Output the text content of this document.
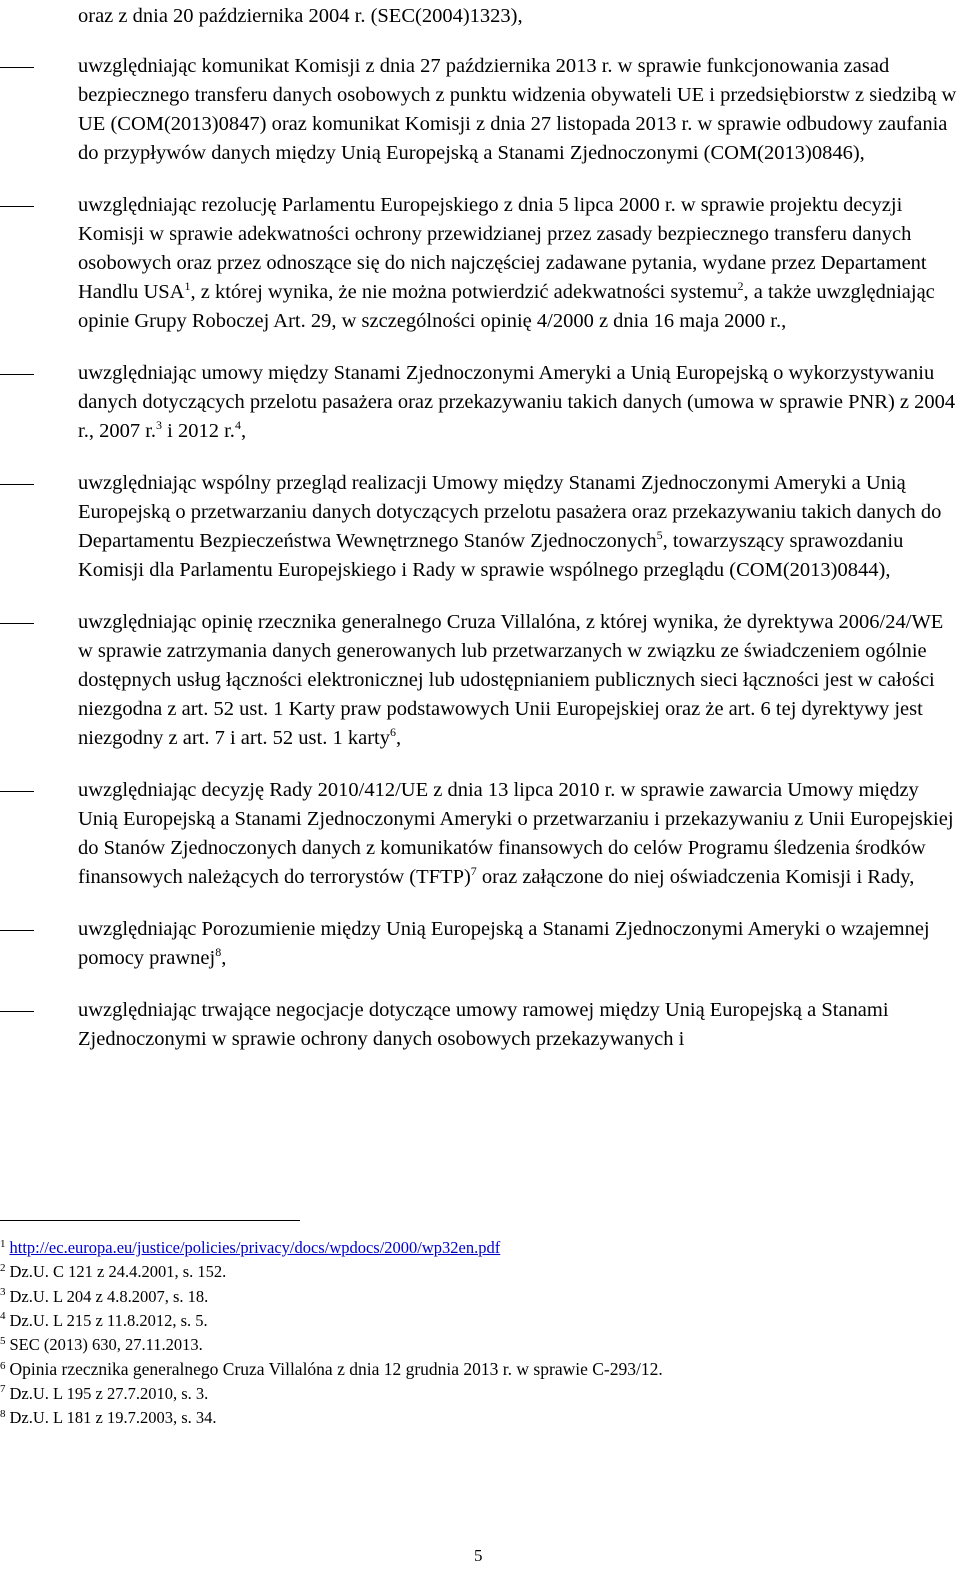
oraz z dnia 20 października 2004 r. (SEC(2004)1323),

uwzględniając komunikat Komisji z dnia 27 października 2013 r. w sprawie funkcjonowania zasad bezpiecznego transferu danych osobowych z punktu widzenia obywateli UE i przedsiębiorstw z siedzibą w UE (COM(2013)0847) oraz komunikat Komisji z dnia 27 listopada 2013 r. w sprawie odbudowy zaufania do przypływów danych między Unią Europejską a Stanami Zjednoczonymi (COM(2013)0846),
uwzględniając rezolucję Parlamentu Europejskiego z dnia 5 lipca 2000 r. w sprawie projektu decyzji Komisji w sprawie adekwatności ochrony przewidzianej przez zasady bezpiecznego transferu danych osobowych oraz przez odnoszące się do nich najczęściej zadawane pytania, wydane przez Departament Handlu USA$^1$, z której wynika, że nie można potwierdzić adekwatności systemu$^2$, a także uwzględniając opinie Grupy Roboczej Art. 29, w szczególności opinię 4/2000 z dnia 16 maja 2000 r.,
uwzględniając umowy między Stanami Zjednoczonymi Ameryki a Unią Europejską o wykorzystywaniu danych dotyczących przelotu pasażera oraz przekazywaniu takich danych (umowa w sprawie PNR) z 2004 r., 2007 r.$^3$ i 2012 r.$^4$,
uwzględniając wspólny przegląd realizacji Umowy między Stanami Zjednoczonymi Ameryki a Unią Europejską o przetwarzaniu danych dotyczących przelotu pasażera oraz przekazywaniu takich danych do Departamentu Bezpieczeństwa Wewnętrznego Stanów Zjednoczonych$^5$, towarzyszący sprawozdaniu Komisji dla Parlamentu Europejskiego i Rady w sprawie wspólnego przeglądu (COM(2013)0844),
uwzględniając opinię rzecznika generalnego Cruza Villalóna, z której wynika, że dyrektywa 2006/24/WE w sprawie zatrzymania danych generowanych lub przetwarzanych w związku ze świadczeniem ogólnie dostępnych usług łączności elektronicznej lub udostępnianiem publicznych sieci łączności jest w całości niezgodna z art. 52 ust. 1 Karty praw podstawowych Unii Europejskiej oraz że art. 6 tej dyrektywy jest niezgodny z art. 7 i art. 52 ust. 1 karty$^6$,
uwzględniając decyzję Rady 2010/412/UE z dnia 13 lipca 2010 r. w sprawie zawarcia Umowy między Unią Europejską a Stanami Zjednoczonymi Ameryki o przetwarzaniu i przekazywaniu z Unii Europejskiej do Stanów Zjednoczonych danych z komunikatów finansowych do celów Programu śledzenia środków finansowych należących do terrorystów (TFTP)$^7$ oraz załączone do niej oświadczenia Komisji i Rady,
uwzględniając Porozumienie między Unią Europejską a Stanami Zjednoczonymi Ameryki o wzajemnej pomocy prawnej$^8$,
uwzględniając trwające negocjacje dotyczące umowy ramowej między Unią Europejską a Stanami Zjednoczonymi w sprawie ochrony danych osobowych przekazywanych i
$^1$ http://ec.europa.eu/justice/policies/privacy/docs/wpdocs/2000/wp32en.pdf
$^2$ Dz.U. C 121 z 24.4.2001, s. 152.
$^3$ Dz.U. L 204 z 4.8.2007, s. 18.
$^4$ Dz.U. L 215 z 11.8.2012, s. 5.
$^5$ SEC (2013) 630, 27.11.2013.
$^6$ Opinia rzecznika generalnego Cruza Villalóna z dnia 12 grudnia 2013 r. w sprawie C-293/12.
$^7$ Dz.U. L 195 z 27.7.2010, s. 3.
$^8$ Dz.U. L 181 z 19.7.2003, s. 34.
5
